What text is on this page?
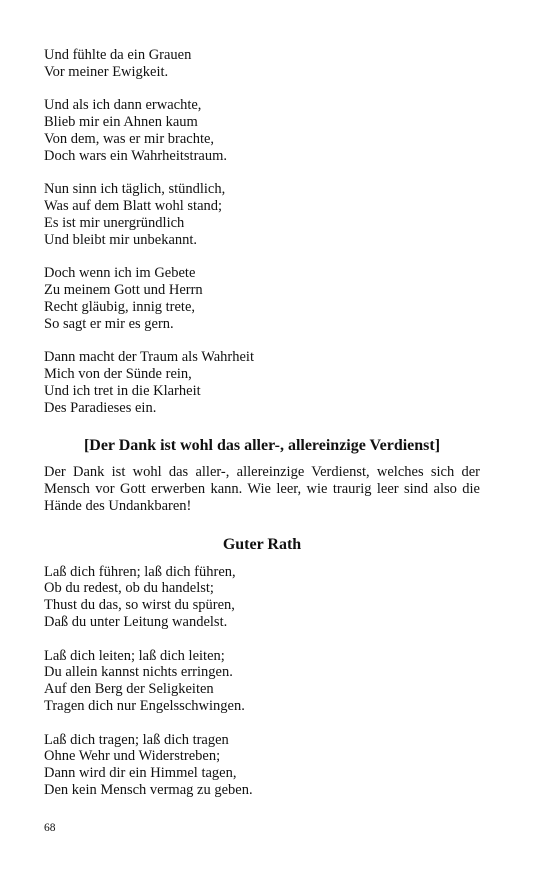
Und fühlte da ein Grauen
Vor meiner Ewigkeit.
Und als ich dann erwachte,
Blieb mir ein Ahnen kaum
Von dem, was er mir brachte,
Doch wars ein Wahrheitstraum.
Nun sinn ich täglich, stündlich,
Was auf dem Blatt wohl stand;
Es ist mir unergründlich
Und bleibt mir unbekannt.
Doch wenn ich im Gebete
Zu meinem Gott und Herrn
Recht gläubig, innig trete,
So sagt er mir es gern.
Dann macht der Traum als Wahrheit
Mich von der Sünde rein,
Und ich tret in die Klarheit
Des Paradieses ein.
[Der Dank ist wohl das aller-, allereinzige Verdienst]

Der Dank ist wohl das aller-, allereinzige Verdienst, welches sich der Mensch vor Gott erwerben kann. Wie leer, wie traurig leer sind also die Hände des Undankbaren!

Guter Rath
Laß dich führen; laß dich führen,
Ob du redest, ob du handelst;
Thust du das, so wirst du spüren,
Daß du unter Leitung wandelst.
Laß dich leiten; laß dich leiten;
Du allein kannst nichts erringen.
Auf den Berg der Seligkeiten
Tragen dich nur Engelsschwingen.
Laß dich tragen; laß dich tragen
Ohne Wehr und Widerstreben;
Dann wird dir ein Himmel tagen,
Den kein Mensch vermag zu geben.
68
